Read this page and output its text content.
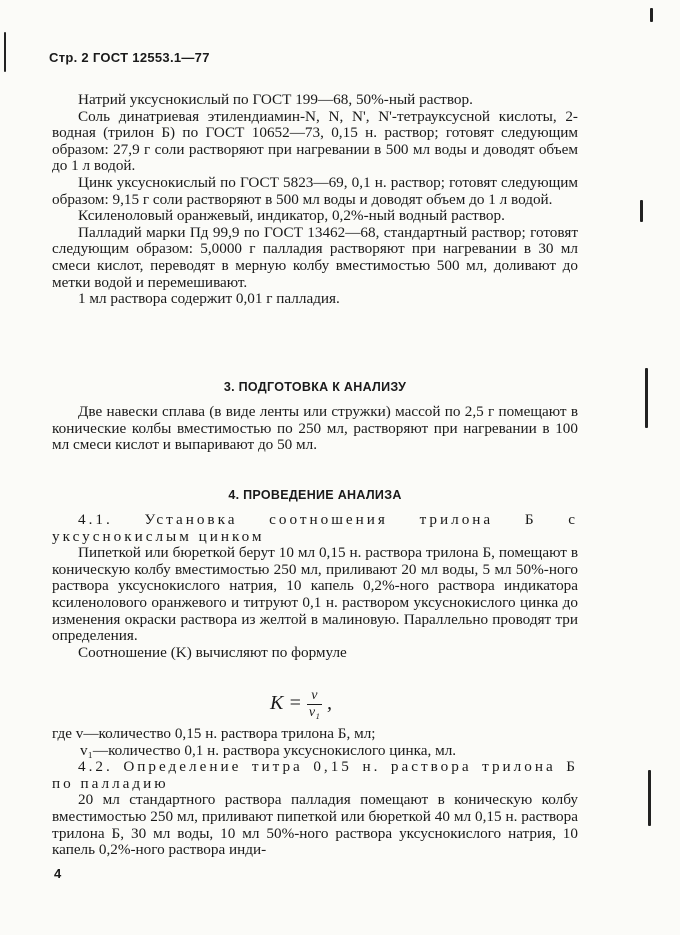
Стр. 2 ГОСТ 12553.1—77

Натрий уксуснокислый по ГОСТ 199—68, 50%-ный раствор.

Соль динатриевая этилендиамин-N, N, N', N'-тетрауксусной кислоты, 2-водная (трилон Б) по ГОСТ 10652—73, 0,15 н. раствор; готовят следующим образом: 27,9 г соли растворяют при нагревании в 500 мл воды и доводят объем до 1 л водой.

Цинк уксуснокислый по ГОСТ 5823—69, 0,1 н. раствор; готовят следующим образом: 9,15 г соли растворяют в 500 мл воды и доводят объем до 1 л водой.

Ксиленоловый оранжевый, индикатор, 0,2%-ный водный раствор.

Палладий марки Пд 99,9 по ГОСТ 13462—68, стандартный раствор; готовят следующим образом: 5,0000 г палладия растворяют при нагревании в 30 мл смеси кислот, переводят в мерную колбу вместимостью 500 мл, доливают до метки водой и перемешивают.

1 мл раствора содержит 0,01 г палладия.

3. ПОДГОТОВКА К АНАЛИЗУ

Две навески сплава (в виде ленты или стружки) массой по 2,5 г помещают в конические колбы вместимостью по 250 мл, растворяют при нагревании в 100 мл смеси кислот и выпаривают до 50 мл.

4. ПРОВЕДЕНИЕ АНАЛИЗА

4.1. Установка соотношения трилона Б с уксуснокислым цинком

Пипеткой или бюреткой берут 10 мл 0,15 н. раствора трилона Б, помещают в коническую колбу вместимостью 250 мл, приливают 20 мл воды, 5 мл 50%-ного раствора уксуснокислого натрия, 10 капель 0,2%-ного раствора индикатора ксиленолового оранжевого и титруют 0,1 н. раствором уксуснокислого цинка до изменения окраски раствора из желтой в малиновую. Параллельно проводят три определения.

Соотношение (K) вычисляют по формуле

$K = \frac{v}{\text{v₁}}$ ,

где v—количество 0,15 н. раствора трилона Б, мл;

v₁—количество 0,1 н. раствора уксуснокислого цинка, мл.

4.2. Определение титра 0,15 н. раствора трилона Б по палладию

20 мл стандартного раствора палладия помещают в коническую колбу вместимостью 250 мл, приливают пипеткой или бюреткой 40 мл 0,15 н. раствора трилона Б, 30 мл воды, 10 мл 50%-ного раствора уксуснокислого натрия, 10 капель 0,2%-ного раствора инди-

4
